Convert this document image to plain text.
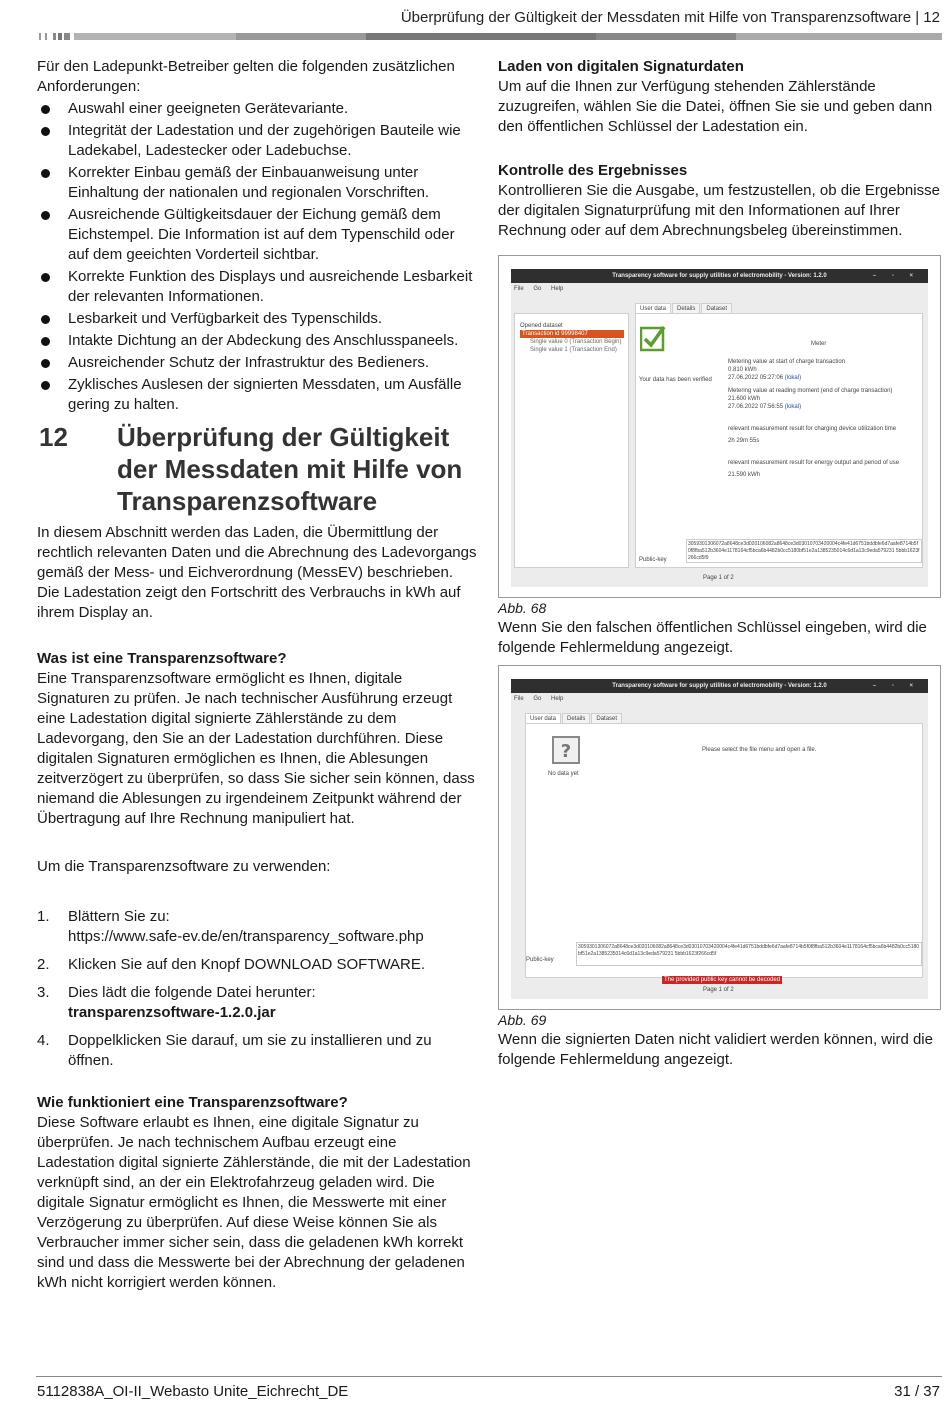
Überprüfung der Gültigkeit der Messdaten mit Hilfe von Transparenzsoftware | 12

Für den Ladepunkt-Betreiber gelten die folgenden zusätzlichen Anforderungen:

Auswahl einer geeigneten Gerätevariante.
Integrität der Ladestation und der zugehörigen Bauteile wie Ladekabel, Ladestecker oder Ladebuchse.
Korrekter Einbau gemäß der Einbauanweisung unter Einhaltung der nationalen und regionalen Vorschriften.
Ausreichende Gültigkeitsdauer der Eichung gemäß dem Eichstempel. Die Information ist auf dem Typenschild oder auf dem geeichten Vorderteil sichtbar.
Korrekte Funktion des Displays und ausreichende Lesbarkeit der relevanten Informationen.
Lesbarkeit und Verfügbarkeit des Typenschilds.
Intakte Dichtung an der Abdeckung des Anschlusspaneels.
Ausreichender Schutz der Infrastruktur des Bedieners.
Zyklisches Auslesen der signierten Messdaten, um Ausfälle gering zu halten.
12	Überprüfung der Gültigkeit der Messdaten mit Hilfe von Transparenzsoftware

In diesem Abschnitt werden das Laden, die Übermittlung der rechtlich relevanten Daten und die Abrechnung des Ladevorgangs gemäß der Mess- und Eichverordnung (MessEV) beschrieben.

Die Ladestation zeigt den Fortschritt des Verbrauchs in kWh auf ihrem Display an.

Was ist eine Transparenzsoftware?

Eine Transparenzsoftware ermöglicht es Ihnen, digitale Signaturen zu prüfen. Je nach technischer Ausführung erzeugt eine Ladestation digital signierte Zählerstände zu dem Ladevorgang, den Sie an der Ladestation durchführen. Diese digitalen Signaturen ermöglichen es Ihnen, die Ablesungen zeitverzögert zu überprüfen, so dass Sie sicher sein können, dass niemand die Ablesungen zu irgendeinem Zeitpunkt während der Übertragung auf Ihre Rechnung manipuliert hat.

Um die Transparenzsoftware zu verwenden:

1.	Blättern Sie zu:
https://www.safe-ev.de/en/transparency_software.php
2.	Klicken Sie auf den Knopf DOWNLOAD SOFTWARE.
3.	Dies lädt die folgende Datei herunter:
transparenzsoftware-1.2.0.jar
4.	Doppelklicken Sie darauf, um sie zu installieren und zu öffnen.

Wie funktioniert eine Transparenzsoftware?

Diese Software erlaubt es Ihnen, eine digitale Signatur zu überprüfen. Je nach technischem Aufbau erzeugt eine Ladestation digital signierte Zählerstände, die mit der Ladestation verknüpft sind, an der ein Elektrofahrzeug geladen wird. Die digitale Signatur ermöglicht es Ihnen, die Messwerte mit einer Verzögerung zu überprüfen. Auf diese Weise können Sie als Verbraucher immer sicher sein, dass die geladenen kWh korrekt sind und dass die Messwerte bei der Abrechnung der geladenen kWh nicht korrigiert werden können.

Laden von digitalen Signaturdaten

Um auf die Ihnen zur Verfügung stehenden Zählerstände zuzugreifen, wählen Sie die Datei, öffnen Sie sie und geben dann den öffentlichen Schlüssel der Ladestation ein.

Kontrolle des Ergebnisses

Kontrollieren Sie die Ausgabe, um festzustellen, ob die Ergebnisse der digitalen Signaturprüfung mit den Informationen auf Ihrer Rechnung oder auf dem Abrechnungsbeleg übereinstimmen.

Transparency software for supply utilities of electromobility - Version: 1.2.0	– ▫ ×
File Go Help
Opened dataset
Transaction id 99998407
Single value 0 (Transaction Begin)
Single value 1 (Transaction End)
User data	Details	Dataset
Your data has been verified
Meter
Metering value at start of charge transaction
0.810 kWh
27.06.2022 05:27:06 (lokal)
Metering value at reading moment (end of charge transaction)
21.600 kWh
27.06.2022 07:56:55 (lokal)
relevant measurement result for charging device utilization time
2h 29m 55s
relevant measurement result for energy output and period of use
21.590 kWh
Public-key
3059301306072a8648ce3d020106082a8648ce3d03010703420004c4fe41d6751bddbfe6d7aafe8714b5f0f8fba512b3604e1178164cf5bca6b4482b0cc5180bf51e2a1385235014c6d1a13c9eda579231 5bbb1623f266cd5f9
Page 1 of 2

Abb. 68

Wenn Sie den falschen öffentlichen Schlüssel eingeben, wird die folgende Fehlermeldung angezeigt.

Transparency software for supply utilities of electromobility - Version: 1.2.0	– ▫ ×
File Go Help
User data	Details	Dataset
?
No data yet
Please select the file menu and open a file.
Public-key
3059301306072a8648ce3d020106082a8648ce3d03010703420004c4fe41d6751bddbfe6d7aafe8714b5f0f8fba512b3604e1178164cf5bca6b4482b0cc5180bf51e2a1385235014c6d1a13c9eda579231 5bbb1623f266cd5f
The provided public key cannot be decoded
Page 1 of 2

Abb. 69

Wenn die signierten Daten nicht validiert werden können, wird die folgende Fehlermeldung angezeigt.

5112838A_OI-II_Webasto Unite_Eichrecht_DE	31 / 37
